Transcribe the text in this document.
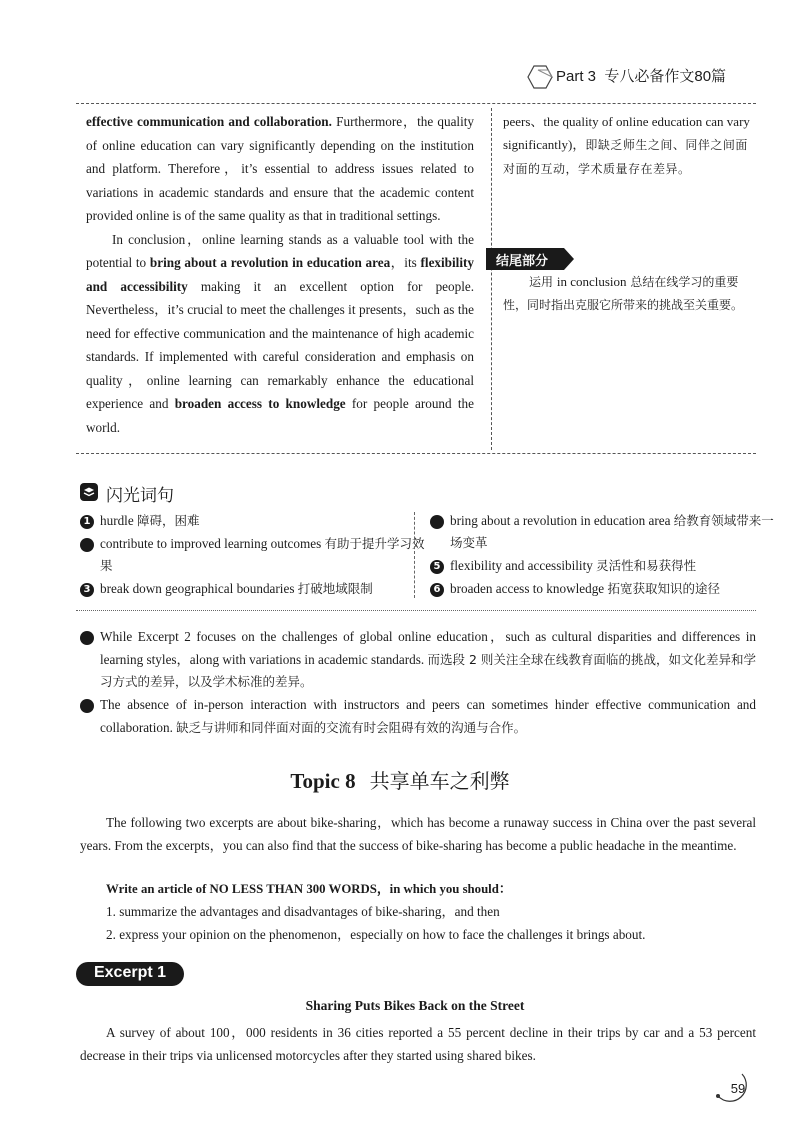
Part 3 专八必备作文80篇

effective communication and collaboration. Furthermore，the quality of online education can vary significantly depending on the institution and platform. Therefore，it’s essential to address issues related to variations in academic standards and ensure that the academic content provided online is of the same quality as that in traditional settings.

In conclusion，online learning stands as a valuable tool with the potential to bring about a revolution in education area，its flexibility and accessibility making it an excellent option for people. Nevertheless，it’s crucial to meet the challenges it presents，such as the need for effective communication and the maintenance of high academic standards. If implemented with careful consideration and emphasis on quality，online learning can remarkably enhance the educational experience and broaden access to knowledge for people around the world.

peers、the quality of online education can vary significantly)，即缺乏师生之间、同伴之间面对面的互动，学术质量存在差异。

结尾部分
运用 in conclusion 总结在线学习的重要性，同时指出克服它所带来的挑战至关重要。
闪光词句
1 hurdle 障碍，困难
2 contribute to improved learning outcomes 有助于提升学习效果
3 break down geographical boundaries 打破地域限制
4 bring about a revolution in education area 给教育领域带来一场变革
5 flexibility and accessibility 灵活性和易获得性
6 broaden access to knowledge 拓宽获取知识的途径
7 While Excerpt 2 focuses on the challenges of global online education，such as cultural disparities and differences in learning styles，along with variations in academic standards. 而选段 2 则关注全球在线教育面临的挑战，如文化差异和学习方式的差异，以及学术标准的差异。
8 The absence of in-person interaction with instructors and peers can sometimes hinder effective communication and collaboration. 缺乏与讲师和同伴面对面的交流有时会阻碍有效的沟通与合作。
Topic 8 共享单车之利弊
The following two excerpts are about bike-sharing，which has become a runaway success in China over the past several years. From the excerpts，you can also find that the success of bike-sharing has become a public headache in the meantime.
Write an article of NO LESS THAN 300 WORDS，in which you should：
1. summarize the advantages and disadvantages of bike-sharing，and then
2. express your opinion on the phenomenon，especially on how to face the challenges it brings about.
Excerpt 1
Sharing Puts Bikes Back on the Street
A survey of about 100，000 residents in 36 cities reported a 55 percent decline in their trips by car and a 53 percent decrease in their trips via unlicensed motorcycles after they started using shared bikes.
59
